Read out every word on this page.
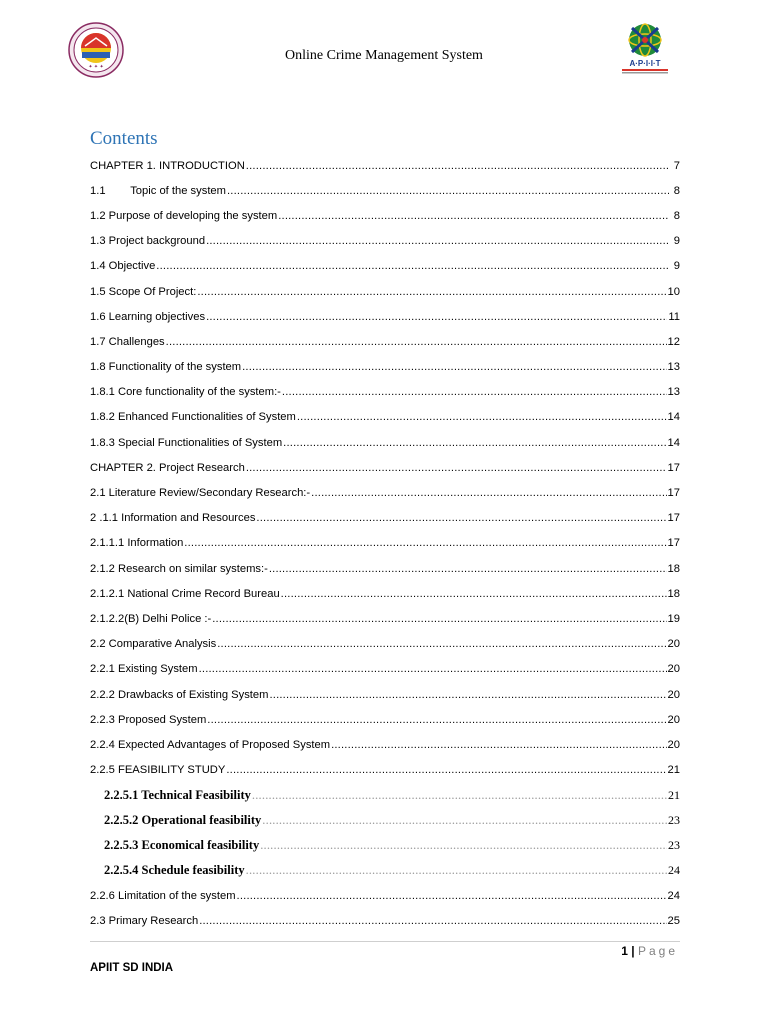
✦ ✦ ✦
Online Crime Management System
A·P·I·I·T
Contents
CHAPTER 1. INTRODUCTION .....	7
1.1        Topic of the system .....	8
1.2 Purpose of developing the system .....	8
1.3 Project background .....	9
1.4 Objective .....	9
1.5 Scope Of Project: .....	10
1.6 Learning objectives .....	11
1.7 Challenges .....	12
1.8 Functionality of the system .....	13
1.8.1 Core functionality of the system:- .....	13
1.8.2 Enhanced Functionalities of System .....	14
1.8.3 Special Functionalities of System .....	14
CHAPTER 2. Project Research .....	17
2.1 Literature Review/Secondary Research:- .....	17
2 .1.1 Information and Resources .....	17
2.1.1.1 Information .....	17
2.1.2 Research on similar systems:- .....	18
2.1.2.1 National Crime Record Bureau .....	18
2.1.2.2(B) Delhi Police :- .....	19
2.2 Comparative Analysis .....	20
2.2.1 Existing System .....	20
2.2.2 Drawbacks of Existing System .....	20
2.2.3 Proposed System .....	20
2.2.4 Expected Advantages of Proposed System .....	20
2.2.5 FEASIBILITY STUDY .....	21
2.2.5.1 Technical Feasibility .....	21
2.2.5.2 Operational feasibility .....	23
2.2.5.3 Economical feasibility .....	23
2.2.5.4 Schedule feasibility .....	24
2.2.6 Limitation of the system .....	24
2.3 Primary Research .....	25
1 | Page
APIIT SD INDIA
